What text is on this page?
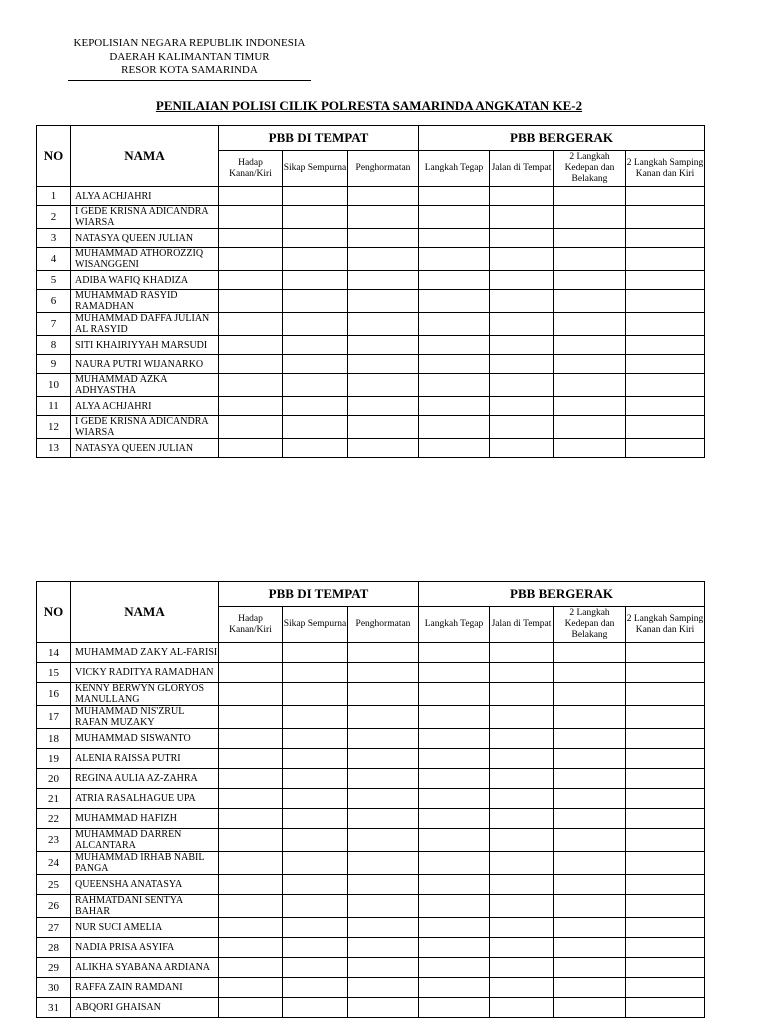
KEPOLISIAN NEGARA REPUBLIK INDONESIA
DAERAH KALIMANTAN TIMUR
RESOR KOTA SAMARINDA
PENILAIAN POLISI CILIK POLRESTA SAMARINDA ANGKATAN KE-2
NO	NAMA	PBB DI TEMPAT			PBB BERGERAK			
		Hadap Kanan/Kiri	Sikap Sempurna	Penghormatan	Langkah Tegap	Jalan di Tempat	2 Langkah Kedepan dan Belakang	2 Langkah Samping Kanan dan Kiri
1	ALYA ACHJAHRI							
2	I GEDE KRISNA ADICANDRA WIARSA							
3	NATASYA QUEEN JULIAN							
4	MUHAMMAD ATHOROZZIQ WISANGGENI							
5	ADIBA WAFIQ KHADIZA							
6	MUHAMMAD RASYID RAMADHAN							
7	MUHAMMAD DAFFA JULIAN AL RASYID							
8	SITI KHAIRIYYAH MARSUDI							
9	NAURA PUTRI WIJANARKO							
10	MUHAMMAD AZKA ADHYASTHA							
11	ALYA ACHJAHRI							
12	I GEDE KRISNA ADICANDRA WIARSA							
13	NATASYA QUEEN JULIAN							
NO	NAMA	PBB DI TEMPAT			PBB BERGERAK			
		Hadap Kanan/Kiri	Sikap Sempurna	Penghormatan	Langkah Tegap	Jalan di Tempat	2 Langkah Kedepan dan Belakang	2 Langkah Samping Kanan dan Kiri
14	MUHAMMAD ZAKY AL-FARISI							
15	VICKY RADITYA RAMADHAN							
16	KENNY BERWYN GLORYOS MANULLANG							
17	MUHAMMAD NIS'ZRUL RAFAN MUZAKY							
18	MUHAMMAD SISWANTO							
19	ALENIA RAISSA PUTRI							
20	REGINA AULIA AZ-ZAHRA							
21	ATRIA RASALHAGUE UPA							
22	MUHAMMAD HAFIZH							
23	MUHAMMAD DARREN ALCANTARA							
24	MUHAMMAD IRHAB NABIL PANGA							
25	QUEENSHA ANATASYA							
26	RAHMATDANI SENTYA BAHAR							
27	NUR SUCI AMELIA							
28	NADIA PRISA ASYIFA							
29	ALIKHA SYABANA ARDIANA							
30	RAFFA ZAIN RAMDANI							
31	ABQORI GHAISAN							
